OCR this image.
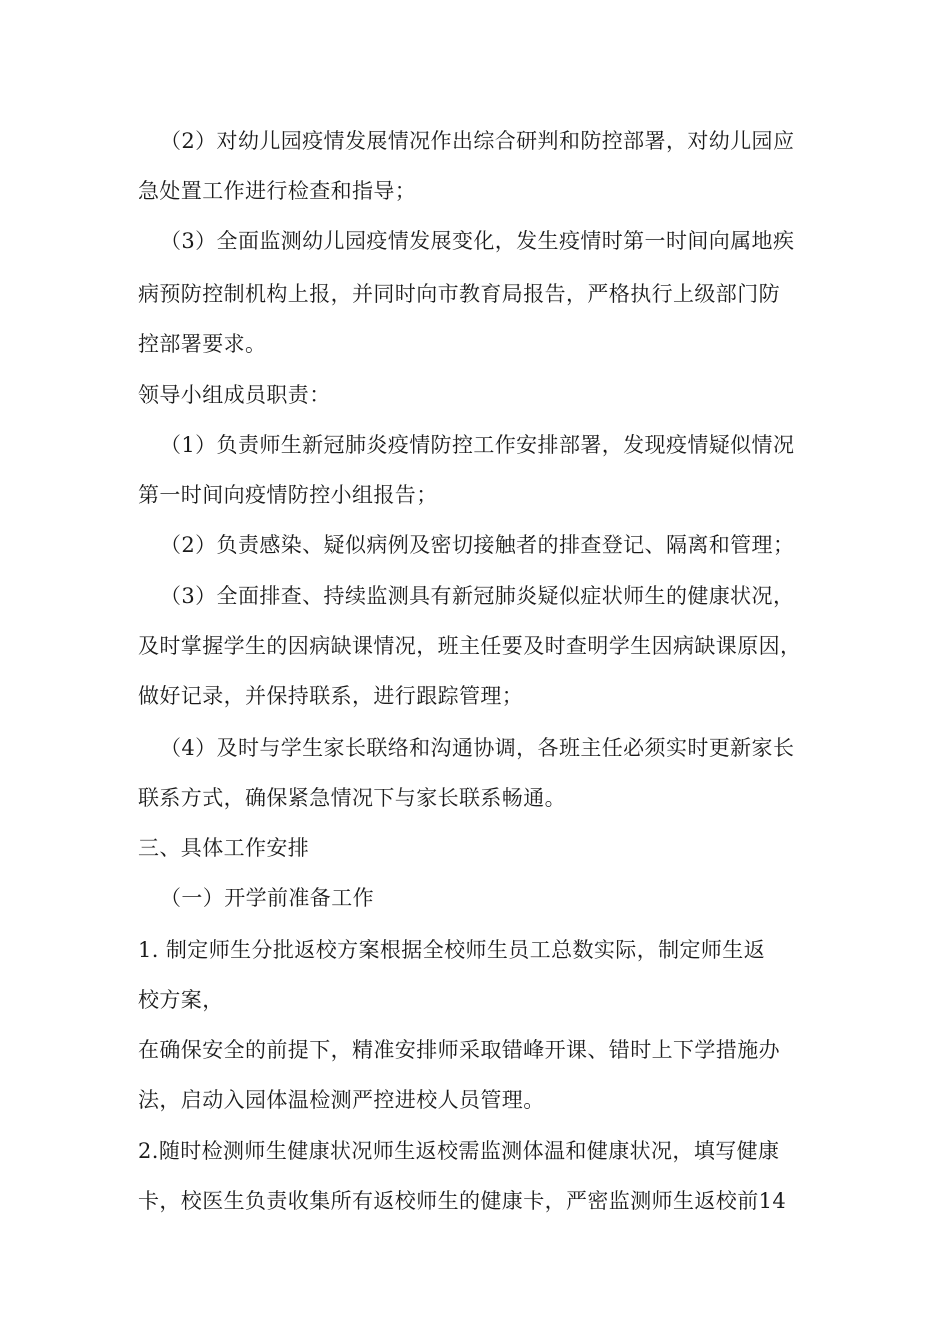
（2）对幼儿园疫情发展情况作出综合研判和防控部署，对幼儿园应
急处置工作进行检查和指导；
（3）全面监测幼儿园疫情发展变化，发生疫情时第一时间向属地疾
病预防控制机构上报，并同时向市教育局报告，严格执行上级部门防
控部署要求。
领导小组成员职责：
（1）负责师生新冠肺炎疫情防控工作安排部署，发现疫情疑似情况
第一时间向疫情防控小组报告；
（2）负责感染、疑似病例及密切接触者的排查登记、隔离和管理；
（3）全面排查、持续监测具有新冠肺炎疑似症状师生的健康状况，
及时掌握学生的因病缺课情况，班主任要及时查明学生因病缺课原因，
做好记录，并保持联系，进行跟踪管理；
（4）及时与学生家长联络和沟通协调，各班主任必须实时更新家长
联系方式，确保紧急情况下与家长联系畅通。
三、具体工作安排
（一）开学前准备工作
1. 制定师生分批返校方案根据全校师生员工总数实际，制定师生返
校方案，
在确保安全的前提下，精准安排师采取错峰开课、错时上下学措施办
法，启动入园体温检测严控进校人员管理。
2.随时检测师生健康状况师生返校需监测体温和健康状况，填写健康
卡，校医生负责收集所有返校师生的健康卡，严密监测师生返校前14
